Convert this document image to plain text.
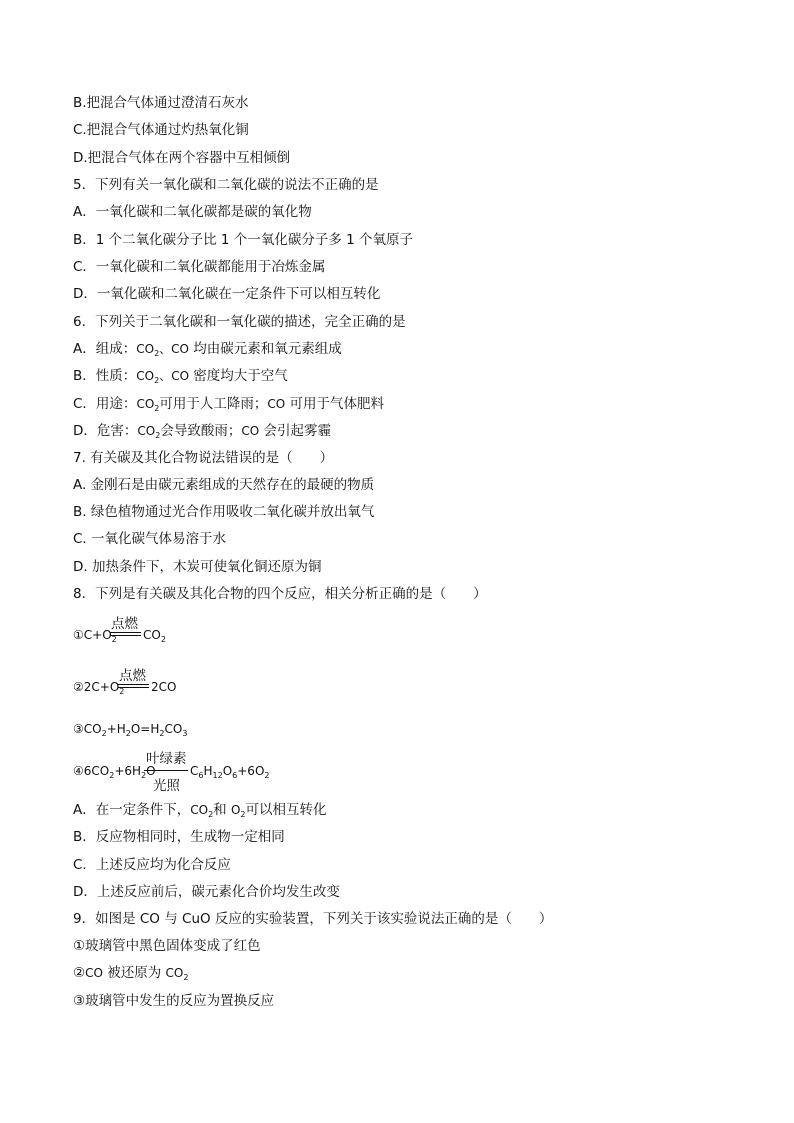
B.把混合气体通过澄清石灰水
C.把混合气体通过灼热氧化铜
D.把混合气体在两个容器中互相倾倒
5．下列有关一氧化碳和二氧化碳的说法不正确的是
A．一氧化碳和二氧化碳都是碳的氧化物
B．1 个二氧化碳分子比 1 个一氧化碳分子多 1 个氧原子
C．一氧化碳和二氧化碳都能用于冶炼金属
D．一氧化碳和二氧化碳在一定条件下可以相互转化
6．下列关于二氧化碳和一氧化碳的描述，完全正确的是
A．组成：$CO_2$、CO 均由碳元素和氧元素组成
B．性质：$CO_2$、CO 密度均大于空气
C．用途：$CO_2$可用于人工降雨；CO 可用于气体肥料
D．危害：$CO_2$会导致酸雨；CO 会引起雾霾
7. 有关碳及其化合物说法错误的是（　　）
A. 金刚石是由碳元素组成的天然存在的最硬的物质
B. 绿色植物通过光合作用吸收二氧化碳并放出氧气
C. 一氧化碳气体易溶于水
D. 加热条件下，木炭可使氧化铜还原为铜
8．下列是有关碳及其化合物的四个反应，相关分析正确的是（　　）
$①C+O_2$
点燃
$CO_2$
$②2C+O_2$
点燃
2CO
$③CO_2+H_2O=H_2CO_3$
$④6CO_2+6H_2O$
叶绿素
光照
$C_6H_{12}O_6+6O_2$
A．在一定条件下，$CO_2$和 $O_2$可以相互转化
B．反应物相同时，生成物一定相同
C．上述反应均为化合反应
D．上述反应前后，碳元素化合价均发生改变
9．如图是 CO 与 CuO 反应的实验装置，下列关于该实验说法正确的是（　　）
①玻璃管中黑色固体变成了红色
②CO 被还原为 $CO_2$
③玻璃管中发生的反应为置换反应
